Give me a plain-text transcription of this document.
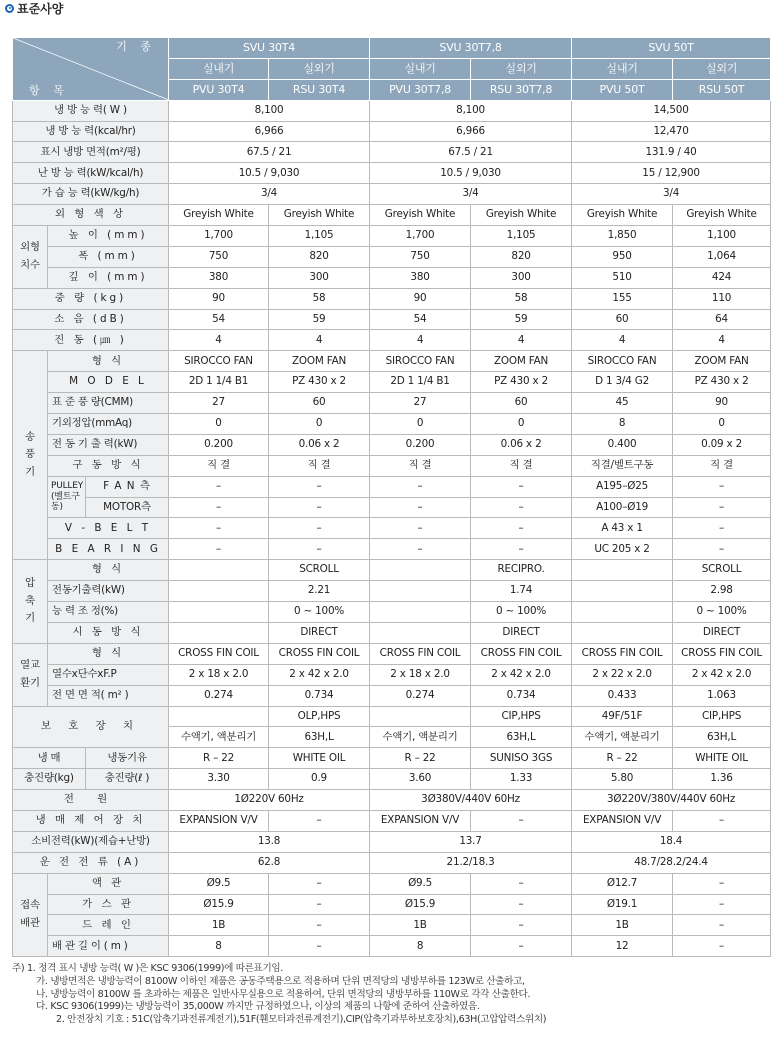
표준사양
기 종
항 목			SVU 30T4		SVU 30T7,8		SVU 50T	
			실내기	실외기	실내기	실외기	실내기	실외기
			PVU 30T4	RSU 30T4	PVU 30T7,8	RSU 30T7,8	PVU 50T	RSU 50T
냉 방 능 력( W )			8,100		8,100		14,500	
냉 방 능 력(kcal/hr)			6,966		6,966		12,470	
표시 냉방 면적(m²/평)			67.5 / 21		67.5 / 21		131.9 / 40	
난 방 능 력(kW/kcal/h)			10.5 / 9,030		10.5 / 9,030		15 / 12,900	
가 습 능 력(kW/kg/h)			3/4		3/4		3/4	
외 형 색 상			Greyish White	Greyish White	Greyish White	Greyish White	Greyish White	Greyish White
외형
치수	높 이 (mm)		1,700	1,105	1,700	1,105	1,850	1,100
	폭 (mm)		750	820	750	820	950	1,064
	깊 이 (mm)		380	300	380	300	510	424
중 량 (kg)			90	58	90	58	155	110
소 음 (dB)			54	59	54	59	60	64
진 동 (㎛ )			4	4	4	4	4	4
송
풍
기	형 식		SIROCCO FAN	ZOOM FAN	SIROCCO FAN	ZOOM FAN	SIROCCO FAN	ZOOM FAN
	M O D E L		2D 1 1/4 B1	PZ 430 x 2	2D 1 1/4 B1	PZ 430 x 2	D 1 3/4 G2	PZ 430 x 2
	표 준 풍 량(CMM)		27	60	27	60	45	90
	기외정압(mmAq)		0	0	0	0	8	0
	전 동 기 출 력(kW)		0.200	0.06 x 2	0.200	0.06 x 2	0.400	0.09 x 2
	구 동 방 식		직 결	직 결	직 결	직 결	직결/벨트구동	직 결
	PULLEY
(벨트구동)	F A N 측	–	–	–	–	A195–Ø25	–
		MOTOR측	–	–	–	–	A100–Ø19	–
	V - B E L T		–	–	–	–	A 43 x 1	–
	B E A R I N G		–	–	–	–	UC 205 x 2	–
압
축
기	형 식			SCROLL		RECIPRO.		SCROLL
	전동기출력(kW)			2.21		1.74		2.98
	능 력 조 정(%)			0 ~ 100%		0 ~ 100%		0 ~ 100%
	시 동 방 식			DIRECT		DIRECT		DIRECT
열교
환기	형 식		CROSS FIN COIL	CROSS FIN COIL	CROSS FIN COIL	CROSS FIN COIL	CROSS FIN COIL	CROSS FIN COIL
	열수x단수xF.P		2 x 18 x 2.0	2 x 42 x 2.0	2 x 18 x 2.0	2 x 42 x 2.0	2 x 22 x 2.0	2 x 42 x 2.0
	전 면 면 적( m² )		0.274	0.734	0.274	0.734	0.433	1.063
보 호 장 치				OLP,HPS		CIP,HPS	49F/51F	CIP,HPS
			수액기, 액분리기	63H,L	수액기, 액분리기	63H,L	수액기, 액분리기	63H,L
냉 매		냉동기유	R – 22	WHITE OIL	R – 22	SUNISO 3GS	R – 22	WHITE OIL
충진량(kg)		충진량(ℓ )	3.30	0.9	3.60	1.33	5.80	1.36
전 원			1Ø220V 60Hz		3Ø380V/440V 60Hz		3Ø220V/380V/440V 60Hz	
냉 매 제 어 장 치			EXPANSION V/V	–	EXPANSION V/V	–	EXPANSION V/V	–
소비전력(kW)(제습+난방)			13.8		13.7		18.4	
운 전 전 류 (A)			62.8		21.2/18.3		48.7/28.2/24.4	
접속
배관	액 관		Ø9.5	–	Ø9.5	–	Ø12.7	–
	가 스 관		Ø15.9	–	Ø15.9	–	Ø19.1	–
	드 레 인		1B	–	1B	–	1B	–
	배 관 길 이 ( m )		8	–	8	–	12	–
주) 1. 정격 표시 냉방 능력( W )은 KSC 9306(1999)에 따른표기임.
가. 냉방면적은 냉방능력이 8100W 이하인 제품은 공동주택용으로 적용하며 단위 면적당의 냉방부하를 123W로 산출하고,
나. 냉방능력이 8100W 를 초과하는 제품은 일반사무실용으로 적용하여, 단위 면적당의 냉방부하를 110W로 각각 산출한다.
다. KSC 9306(1999)는 냉방능력이 35,000W 까지만 규정하였으나, 이상의 제품의 나항에 준하여 산출하였음.
2. 안전장치 기호 : 51C(압축기과전류계전기),51F(휀모터과전류계전기),CIP(압축기과부하보호장치),63H(고압압력스위치)
